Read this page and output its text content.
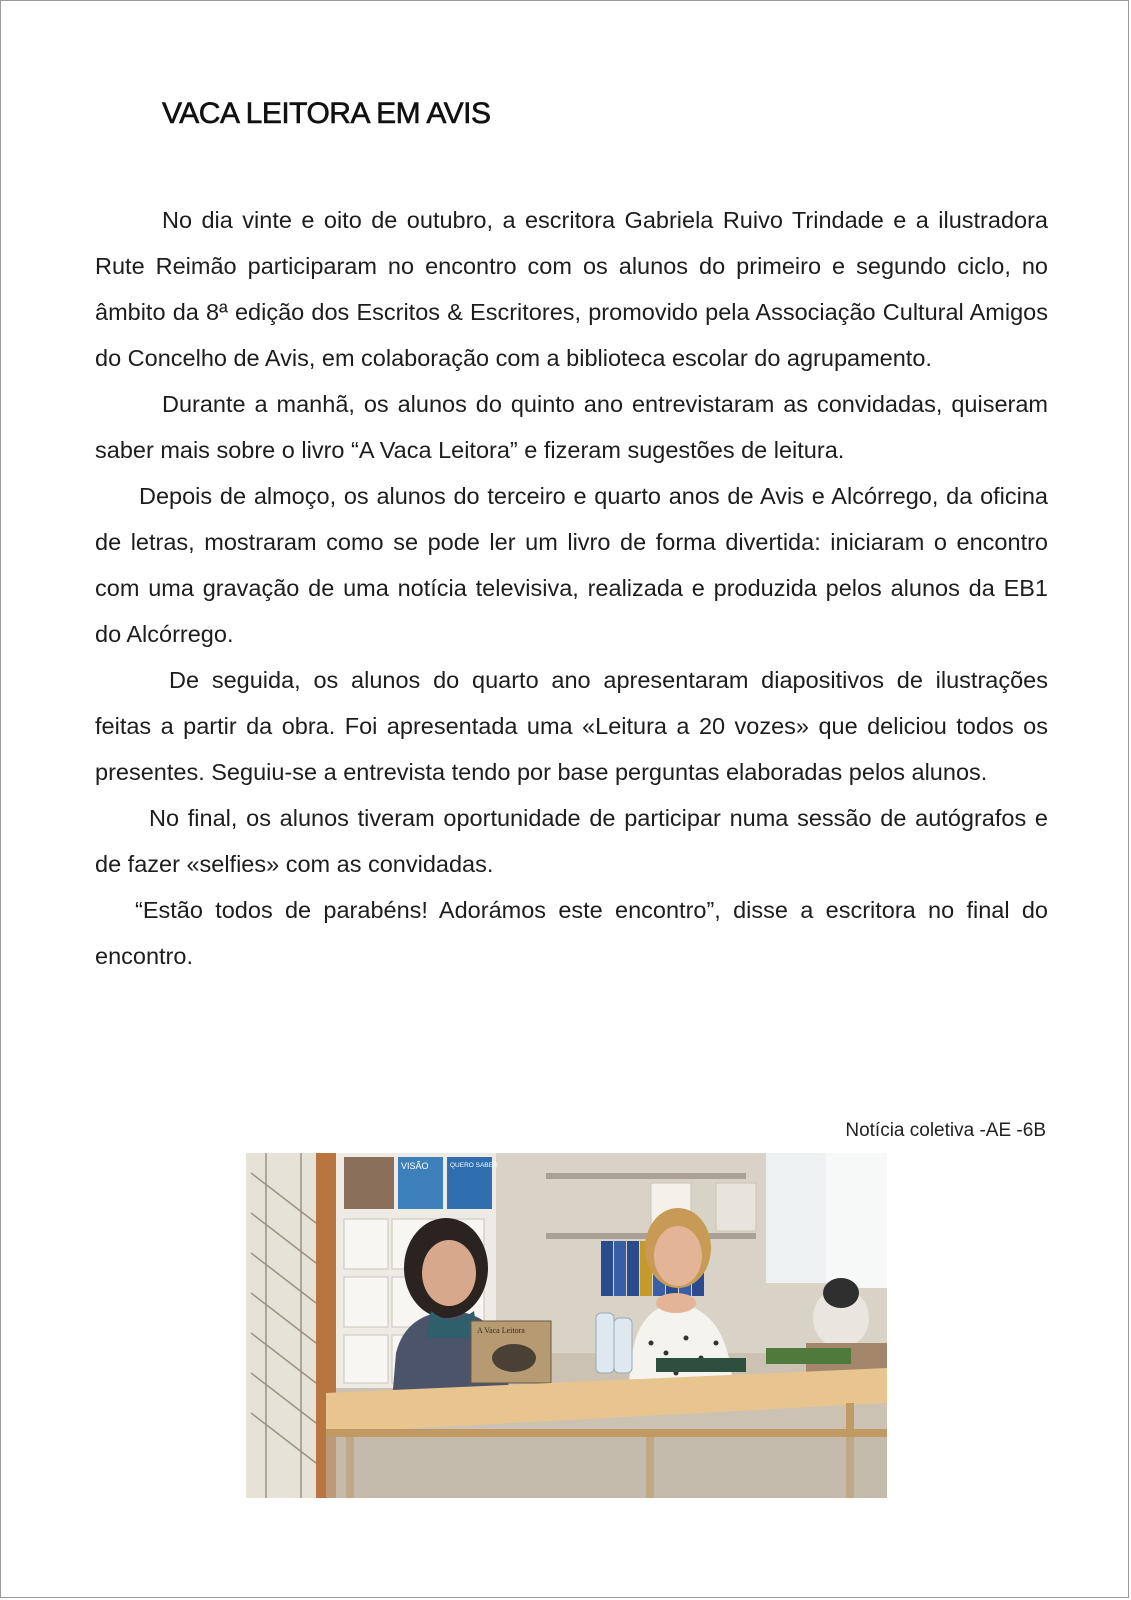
VACA LEITORA EM AVIS

No dia vinte e oito de outubro, a escritora Gabriela Ruivo Trindade e a ilustradora Rute Reimão participaram no encontro com os alunos do primeiro e segundo ciclo, no âmbito da 8ª edição dos Escritos & Escritores, promovido pela Associação Cultural Amigos do Concelho de Avis, em colaboração com a biblioteca escolar do agrupamento.

Durante a manhã, os alunos do quinto ano entrevistaram as convidadas, quiseram saber mais sobre o livro “A Vaca Leitora” e fizeram sugestões de leitura.

Depois de almoço, os alunos do terceiro e quarto anos de Avis e Alcórrego, da oficina de letras, mostraram como se pode ler um livro de forma divertida: iniciaram o encontro com uma gravação de uma notícia televisiva, realizada e produzida pelos alunos da EB1 do Alcórrego.

De seguida, os alunos do quarto ano apresentaram diapositivos de ilustrações feitas a partir da obra. Foi apresentada uma «Leitura a 20 vozes» que deliciou todos os presentes. Seguiu-se a entrevista tendo por base perguntas elaboradas pelos alunos.

No final, os alunos tiveram oportunidade de participar numa sessão de autógrafos e de fazer «selfies» com as convidadas.

“Estão todos de parabéns! Adorámos este encontro”, disse a escritora no final do encontro.

Notícia coletiva -AE -6B

VISÃO	QUERO SABER
A Vaca Leitora
